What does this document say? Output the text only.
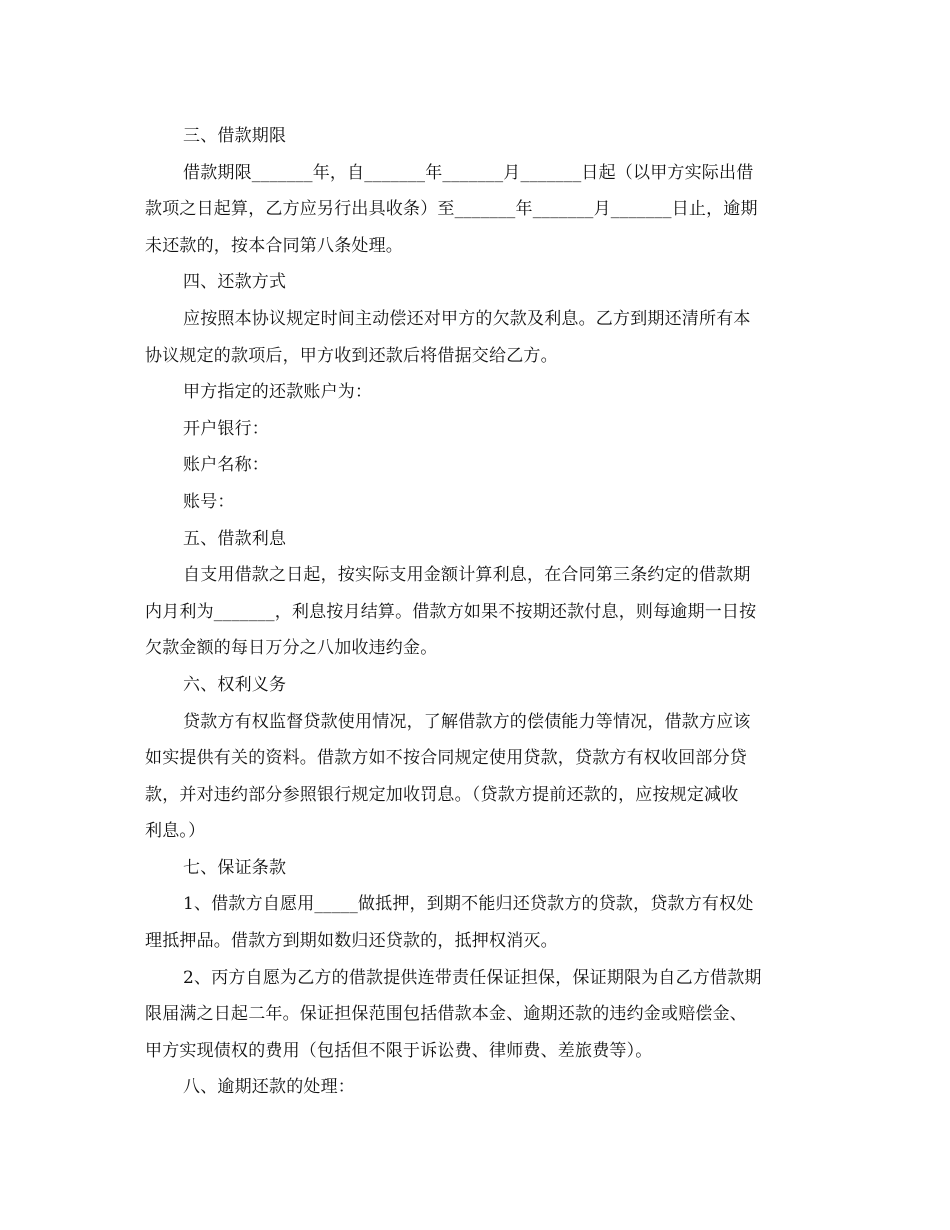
三、借款期限
借款期限_______年，自_______年_______月_______日起（以甲方实际出借
款项之日起算，乙方应另行出具收条）至_______年_______月_______日止，逾期
未还款的，按本合同第八条处理。
四、还款方式
应按照本协议规定时间主动偿还对甲方的欠款及利息。乙方到期还清所有本
协议规定的款项后，甲方收到还款后将借据交给乙方。
甲方指定的还款账户为：
开户银行：
账户名称：
账号：
五、借款利息
自支用借款之日起，按实际支用金额计算利息，在合同第三条约定的借款期
内月利为_______，利息按月结算。借款方如果不按期还款付息，则每逾期一日按
欠款金额的每日万分之八加收违约金。
六、权利义务
贷款方有权监督贷款使用情况，了解借款方的偿债能力等情况，借款方应该
如实提供有关的资料。借款方如不按合同规定使用贷款，贷款方有权收回部分贷
款，并对违约部分参照银行规定加收罚息。（贷款方提前还款的，应按规定减收
利息。）
七、保证条款
1、借款方自愿用_____做抵押，到期不能归还贷款方的贷款，贷款方有权处
理抵押品。借款方到期如数归还贷款的，抵押权消灭。
2、丙方自愿为乙方的借款提供连带责任保证担保，保证期限为自乙方借款期
限届满之日起二年。保证担保范围包括借款本金、逾期还款的违约金或赔偿金、
甲方实现债权的费用（包括但不限于诉讼费、律师费、差旅费等）。
八、逾期还款的处理：
